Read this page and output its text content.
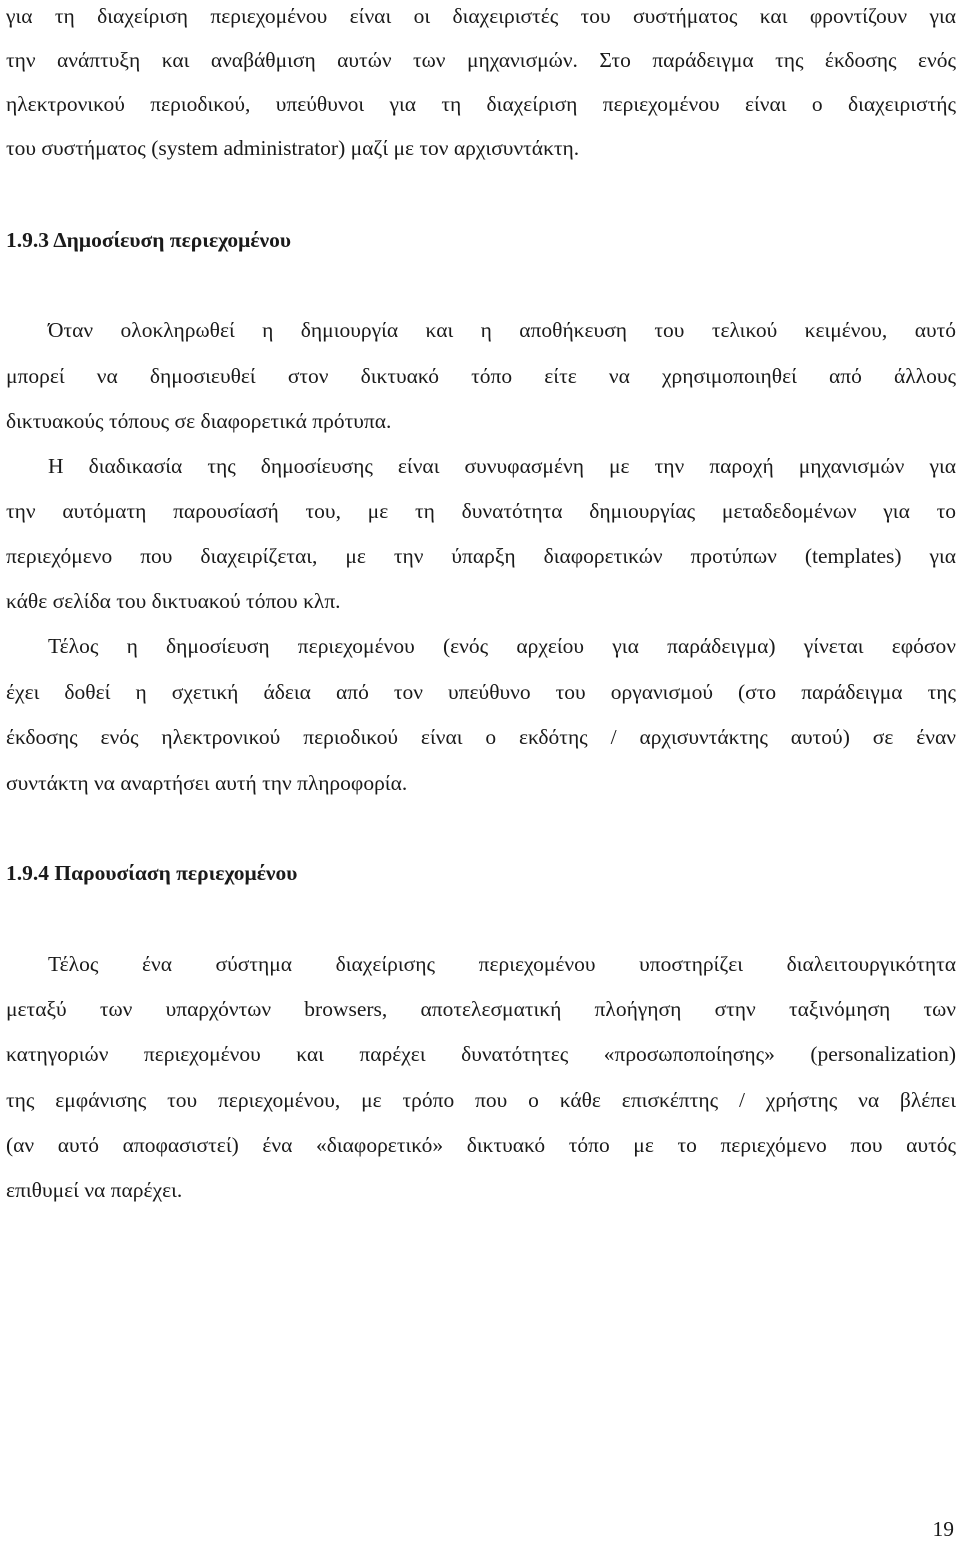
για τη διαχείριση περιεχομένου είναι οι διαχειριστές του συστήματος και φροντίζουν για
την ανάπτυξη και αναβάθμιση αυτών των μηχανισμών. Στο παράδειγμα της έκδοσης ενός
ηλεκτρονικού περιοδικού, υπεύθυνοι για τη διαχείριση περιεχομένου είναι ο διαχειριστής
του συστήματος (system administrator) μαζί με τον αρχισυντάκτη.
1.9.3 Δημοσίευση περιεχομένου
Όταν ολοκληρωθεί η δημιουργία και η αποθήκευση του τελικού κειμένου, αυτό
μπορεί να δημοσιευθεί στον δικτυακό τόπο είτε να χρησιμοποιηθεί από άλλους
δικτυακούς τόπους σε διαφορετικά πρότυπα.
Η διαδικασία της δημοσίευσης είναι συνυφασμένη με την παροχή μηχανισμών για
την αυτόματη παρουσίασή του, με τη δυνατότητα δημιουργίας μεταδεδομένων για το
περιεχόμενο που διαχειρίζεται, με την ύπαρξη διαφορετικών προτύπων (templates) για
κάθε σελίδα του δικτυακού τόπου κλπ.
Τέλος η δημοσίευση περιεχομένου (ενός αρχείου για παράδειγμα) γίνεται εφόσον
έχει δοθεί η σχετική άδεια από τον υπεύθυνο του οργανισμού (στο παράδειγμα της
έκδοσης ενός ηλεκτρονικού περιοδικού είναι ο εκδότης / αρχισυντάκτης αυτού) σε έναν
συντάκτη να αναρτήσει αυτή την πληροφορία.
1.9.4 Παρουσίαση περιεχομένου
Τέλος ένα σύστημα διαχείρισης περιεχομένου υποστηρίζει διαλειτουργικότητα
μεταξύ των υπαρχόντων browsers, αποτελεσματική πλοήγηση στην ταξινόμηση των
κατηγοριών περιεχομένου και παρέχει δυνατότητες «προσωποποίησης» (personalization)
της εμφάνισης του περιεχομένου, με τρόπο που ο κάθε επισκέπτης / χρήστης να βλέπει
(αν αυτό αποφασιστεί) ένα «διαφορετικό» δικτυακό τόπο με το περιεχόμενο που αυτός
επιθυμεί να παρέχει.
19
